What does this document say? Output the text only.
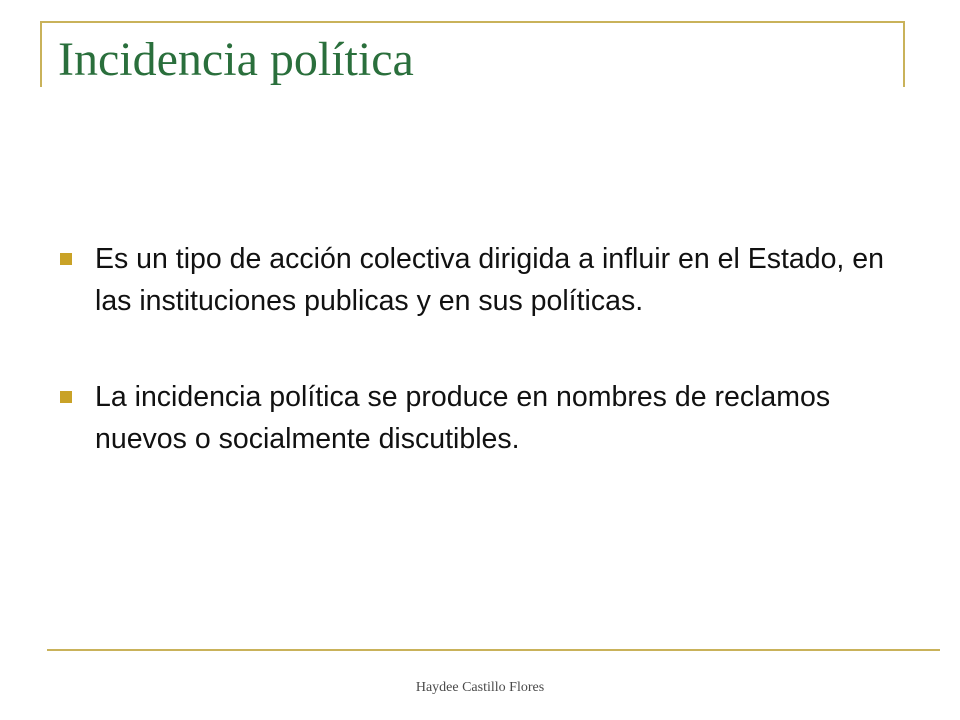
Incidencia política
Es un tipo de acción colectiva dirigida a influir en el Estado, en las instituciones publicas y en sus políticas.
La incidencia política se produce en nombres de reclamos nuevos o socialmente discutibles.
Haydee Castillo Flores
